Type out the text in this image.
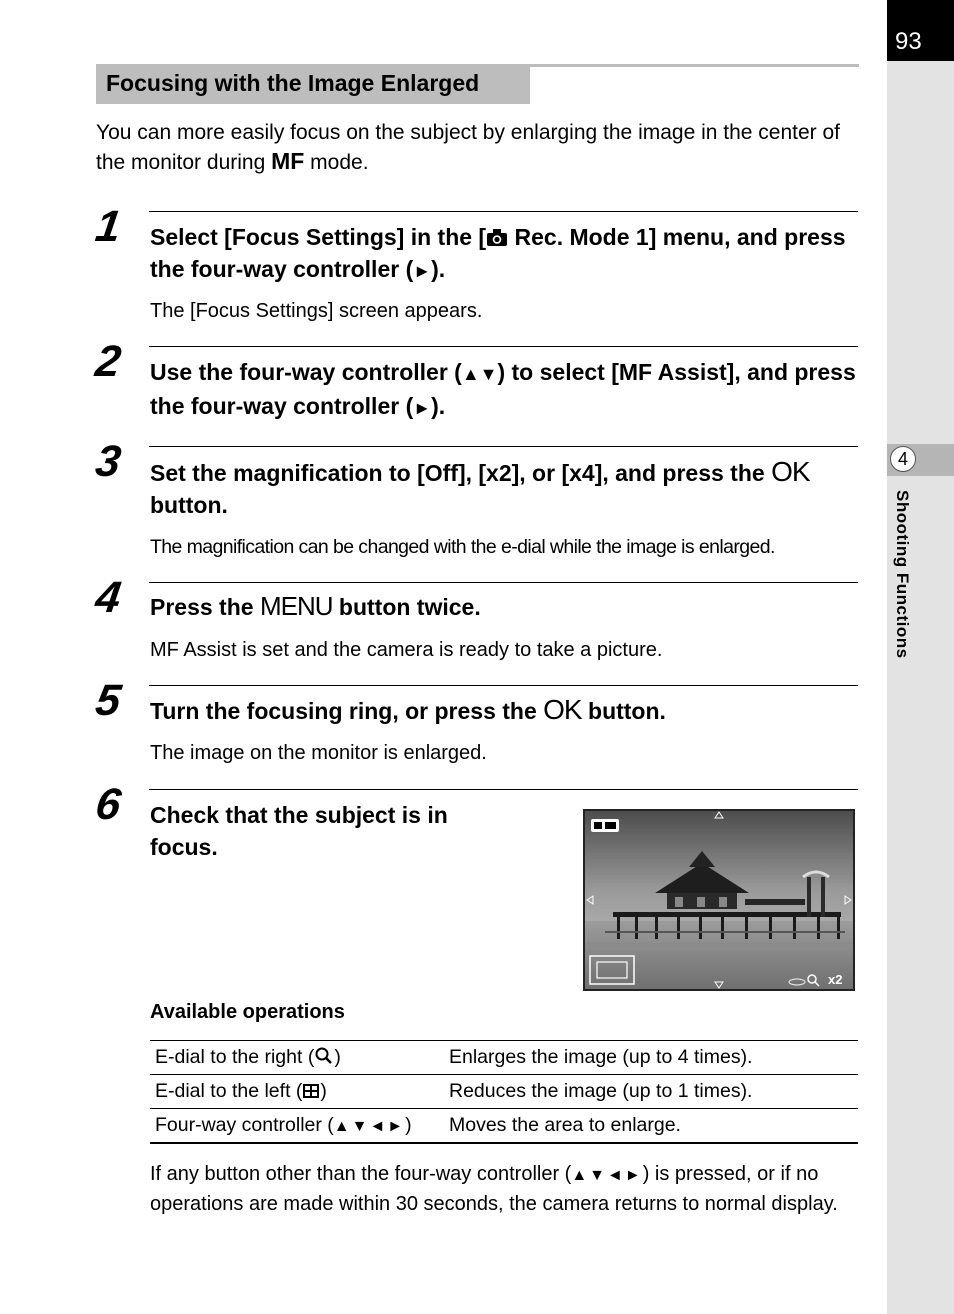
93
4
Shooting Functions
Focusing with the Image Enlarged
You can more easily focus on the subject by enlarging the image in the center of the monitor during MF mode.
1 Select [Focus Settings] in the [ Rec. Mode 1] menu, and press the four-way controller (►).
The [Focus Settings] screen appears.
2 Use the four-way controller (▲▼) to select [MF Assist], and press the four-way controller (►).
3 Set the magnification to [Off], [x2], or [x4], and press the OK button.
The magnification can be changed with the e-dial while the image is enlarged.
4 Press the MENU button twice.
MF Assist is set and the camera is ready to take a picture.
5 Turn the focusing ring, or press the OK button.
The image on the monitor is enlarged.
6 Check that the subject is in focus.
x2
Available operations
E-dial to the right ( )	Enlarges the image (up to 4 times).
E-dial to the left ( )	Reduces the image (up to 1 times).
Four-way controller (▲▼◄►)	Moves the area to enlarge.
If any button other than the four-way controller (▲▼◄►) is pressed, or if no operations are made within 30 seconds, the camera returns to normal display.
